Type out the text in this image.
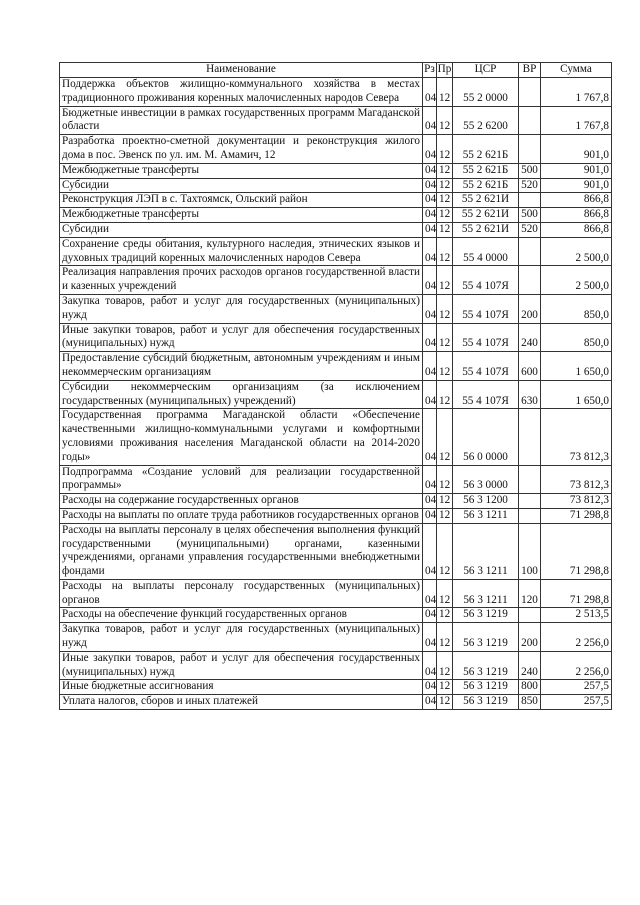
Наименование	Рз	Пр	ЦСР	ВР	Сумма
Поддержка объектов жилищно-коммунального хозяйства в местах традиционного проживания коренных малочисленных народов Севера	04	12	55 2 0000		1 767,8
Бюджетные инвестиции в рамках государственных программ Магаданской области	04	12	55 2 6200		1 767,8
Разработка проектно-сметной документации и реконструкция жилого дома в пос. Эвенск по ул. им. М. Амамич, 12	04	12	55 2 621Б		901,0
Межбюджетные трансферты	04	12	55 2 621Б	500	901,0
Субсидии	04	12	55 2 621Б	520	901,0
Реконструкция ЛЭП в с. Тахтоямск, Ольский район	04	12	55 2 621И		866,8
Межбюджетные трансферты	04	12	55 2 621И	500	866,8
Субсидии	04	12	55 2 621И	520	866,8
Сохранение среды обитания, культурного наследия, этнических языков и духовных традиций коренных малочисленных народов Севера	04	12	55 4 0000		2 500,0
Реализация направления прочих расходов органов государственной власти и казенных учреждений	04	12	55 4 107Я		2 500,0
Закупка товаров, работ и услуг для государственных (муниципальных) нужд	04	12	55 4 107Я	200	850,0
Иные закупки товаров, работ и услуг для обеспечения государственных (муниципальных) нужд	04	12	55 4 107Я	240	850,0
Предоставление субсидий бюджетным, автономным учреждениям и иным некоммерческим организациям	04	12	55 4 107Я	600	1 650,0
Субсидии некоммерческим организациям (за исключением государственных (муниципальных) учреждений)	04	12	55 4 107Я	630	1 650,0
Государственная программа Магаданской области «Обеспечение качественными жилищно-коммунальными услугами и комфортными условиями проживания населения Магаданской области на 2014-2020 годы»	04	12	56 0 0000		73 812,3
Подпрограмма «Создание условий для реализации государственной программы»	04	12	56 3 0000		73 812,3
Расходы на содержание государственных органов	04	12	56 3 1200		73 812,3
Расходы на выплаты по оплате труда работников государственных органов	04	12	56 3 1211		71 298,8
Расходы на выплаты персоналу в целях обеспечения выполнения функций государственными (муниципальными) органами, казенными учреждениями, органами управления государственными внебюджетными фондами	04	12	56 3 1211	100	71 298,8
Расходы на выплаты персоналу государственных (муниципальных) органов	04	12	56 3 1211	120	71 298,8
Расходы на обеспечение функций государственных органов	04	12	56 3 1219		2 513,5
Закупка товаров, работ и услуг для государственных (муниципальных) нужд	04	12	56 3 1219	200	2 256,0
Иные закупки товаров, работ и услуг для обеспечения государственных (муниципальных) нужд	04	12	56 3 1219	240	2 256,0
Иные бюджетные ассигнования	04	12	56 3 1219	800	257,5
Уплата налогов, сборов и иных платежей	04	12	56 3 1219	850	257,5
